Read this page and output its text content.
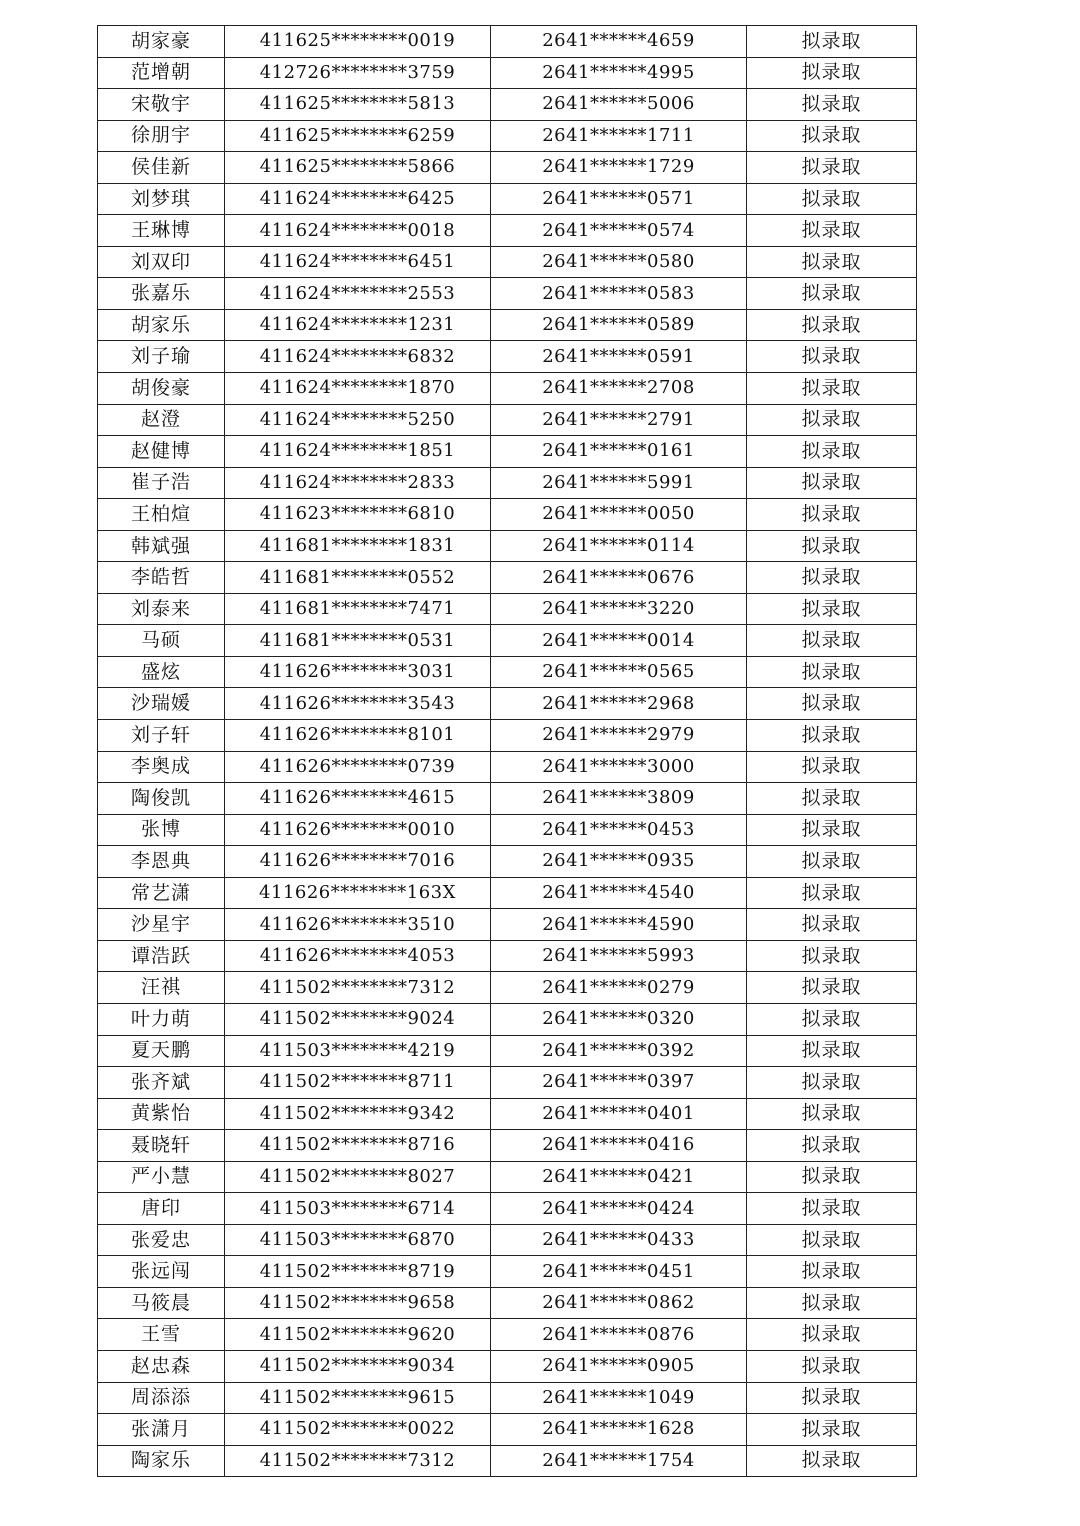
胡家豪	411625********0019	2641******4659	拟录取
范增朝	412726********3759	2641******4995	拟录取
宋敬宇	411625********5813	2641******5006	拟录取
徐朋宇	411625********6259	2641******1711	拟录取
侯佳新	411625********5866	2641******1729	拟录取
刘梦琪	411624********6425	2641******0571	拟录取
王琳博	411624********0018	2641******0574	拟录取
刘双印	411624********6451	2641******0580	拟录取
张嘉乐	411624********2553	2641******0583	拟录取
胡家乐	411624********1231	2641******0589	拟录取
刘子瑜	411624********6832	2641******0591	拟录取
胡俊豪	411624********1870	2641******2708	拟录取
赵澄	411624********5250	2641******2791	拟录取
赵健博	411624********1851	2641******0161	拟录取
崔子浩	411624********2833	2641******5991	拟录取
王柏煊	411623********6810	2641******0050	拟录取
韩斌强	411681********1831	2641******0114	拟录取
李皓哲	411681********0552	2641******0676	拟录取
刘泰来	411681********7471	2641******3220	拟录取
马硕	411681********0531	2641******0014	拟录取
盛炫	411626********3031	2641******0565	拟录取
沙瑞媛	411626********3543	2641******2968	拟录取
刘子轩	411626********8101	2641******2979	拟录取
李奥成	411626********0739	2641******3000	拟录取
陶俊凯	411626********4615	2641******3809	拟录取
张博	411626********0010	2641******0453	拟录取
李恩典	411626********7016	2641******0935	拟录取
常艺潇	411626********163X	2641******4540	拟录取
沙星宇	411626********3510	2641******4590	拟录取
谭浩跃	411626********4053	2641******5993	拟录取
汪祺	411502********7312	2641******0279	拟录取
叶力萌	411502********9024	2641******0320	拟录取
夏天鹏	411503********4219	2641******0392	拟录取
张齐斌	411502********8711	2641******0397	拟录取
黄紫怡	411502********9342	2641******0401	拟录取
聂晓轩	411502********8716	2641******0416	拟录取
严小慧	411502********8027	2641******0421	拟录取
唐印	411503********6714	2641******0424	拟录取
张爱忠	411503********6870	2641******0433	拟录取
张远闯	411502********8719	2641******0451	拟录取
马筱晨	411502********9658	2641******0862	拟录取
王雪	411502********9620	2641******0876	拟录取
赵忠森	411502********9034	2641******0905	拟录取
周添添	411502********9615	2641******1049	拟录取
张潇月	411502********0022	2641******1628	拟录取
陶家乐	411502********7312	2641******1754	拟录取
